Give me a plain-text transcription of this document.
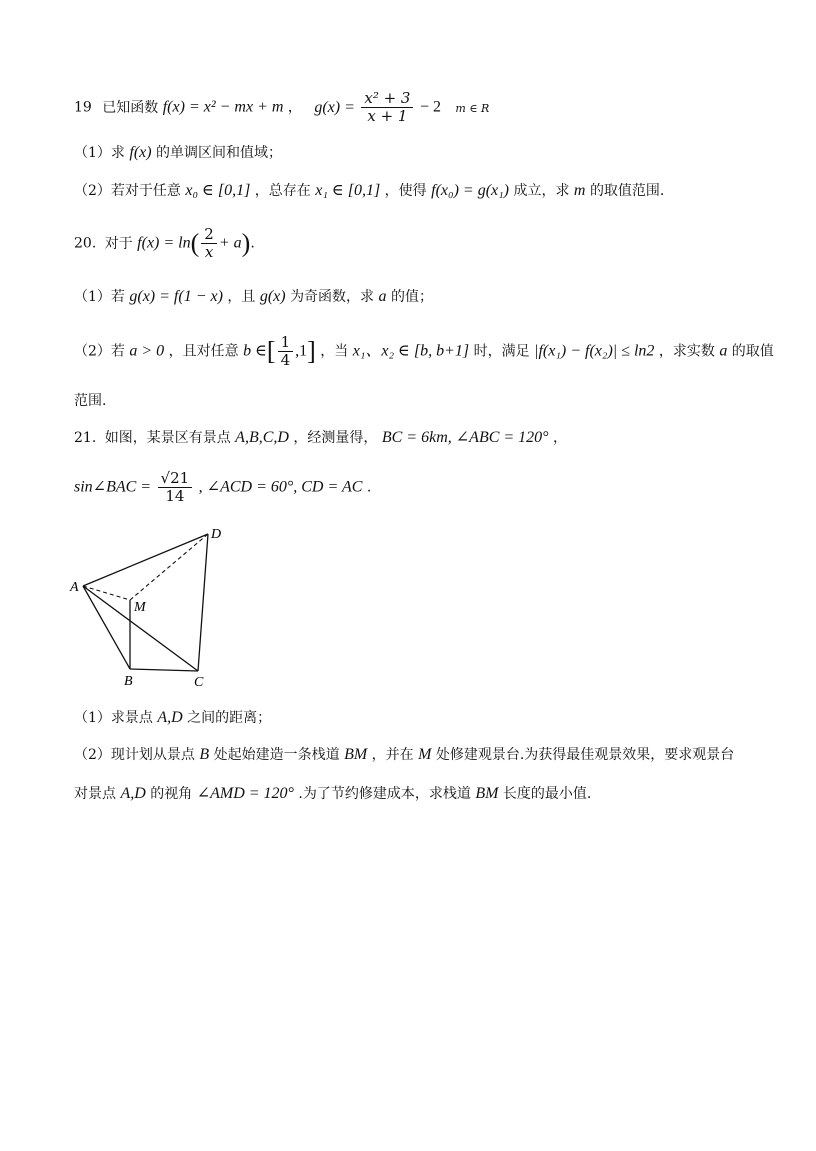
19 已知函数 f(x) = x² − mx + m ， $g(x) = \frac{\text{x² + 3}}{x + 1} - 2$ m ∈ R
（1）求 f(x) 的单调区间和值域；
（2）若对于任意 x₀ ∈ [0,1] ，总存在 x₁ ∈ [0,1] ，使得 f(x₀) = g(x₁) 成立，求 m 的取值范围.
20. 对于 $f(x) = \ln( \frac{2}{x} + a)$.
（1）若 g(x) = f(1 − x) ，且 g(x) 为奇函数，求 a 的值；
（2）若 a > 0 ，且对任意 b ∈[ $\frac{1}{4} ,1$] ，当 x₁、x₂ ∈ [b, b+1] 时，满足 |f(x₁) − f(x₂)| ≤ ln2 ，求实数 a 的取值
范围.
21. 如图，某景区有景点 A,B,C,D ，经测量得， BC = 6km, ∠ABC = 120° ，
sin∠BAC = $\frac{√21}{14}$ , ∠ACD = 60°, CD = AC .
A
B	C
D
M
（1）求景点 A,D 之间的距离；
（2）现计划从景点 B 处起始建造一条栈道 BM ，并在 M 处修建观景台.为获得最佳观景效果，要求观景台
对景点 A,D 的视角 ∠AMD = 120° .为了节约修建成本，求栈道 BM 长度的最小值.
